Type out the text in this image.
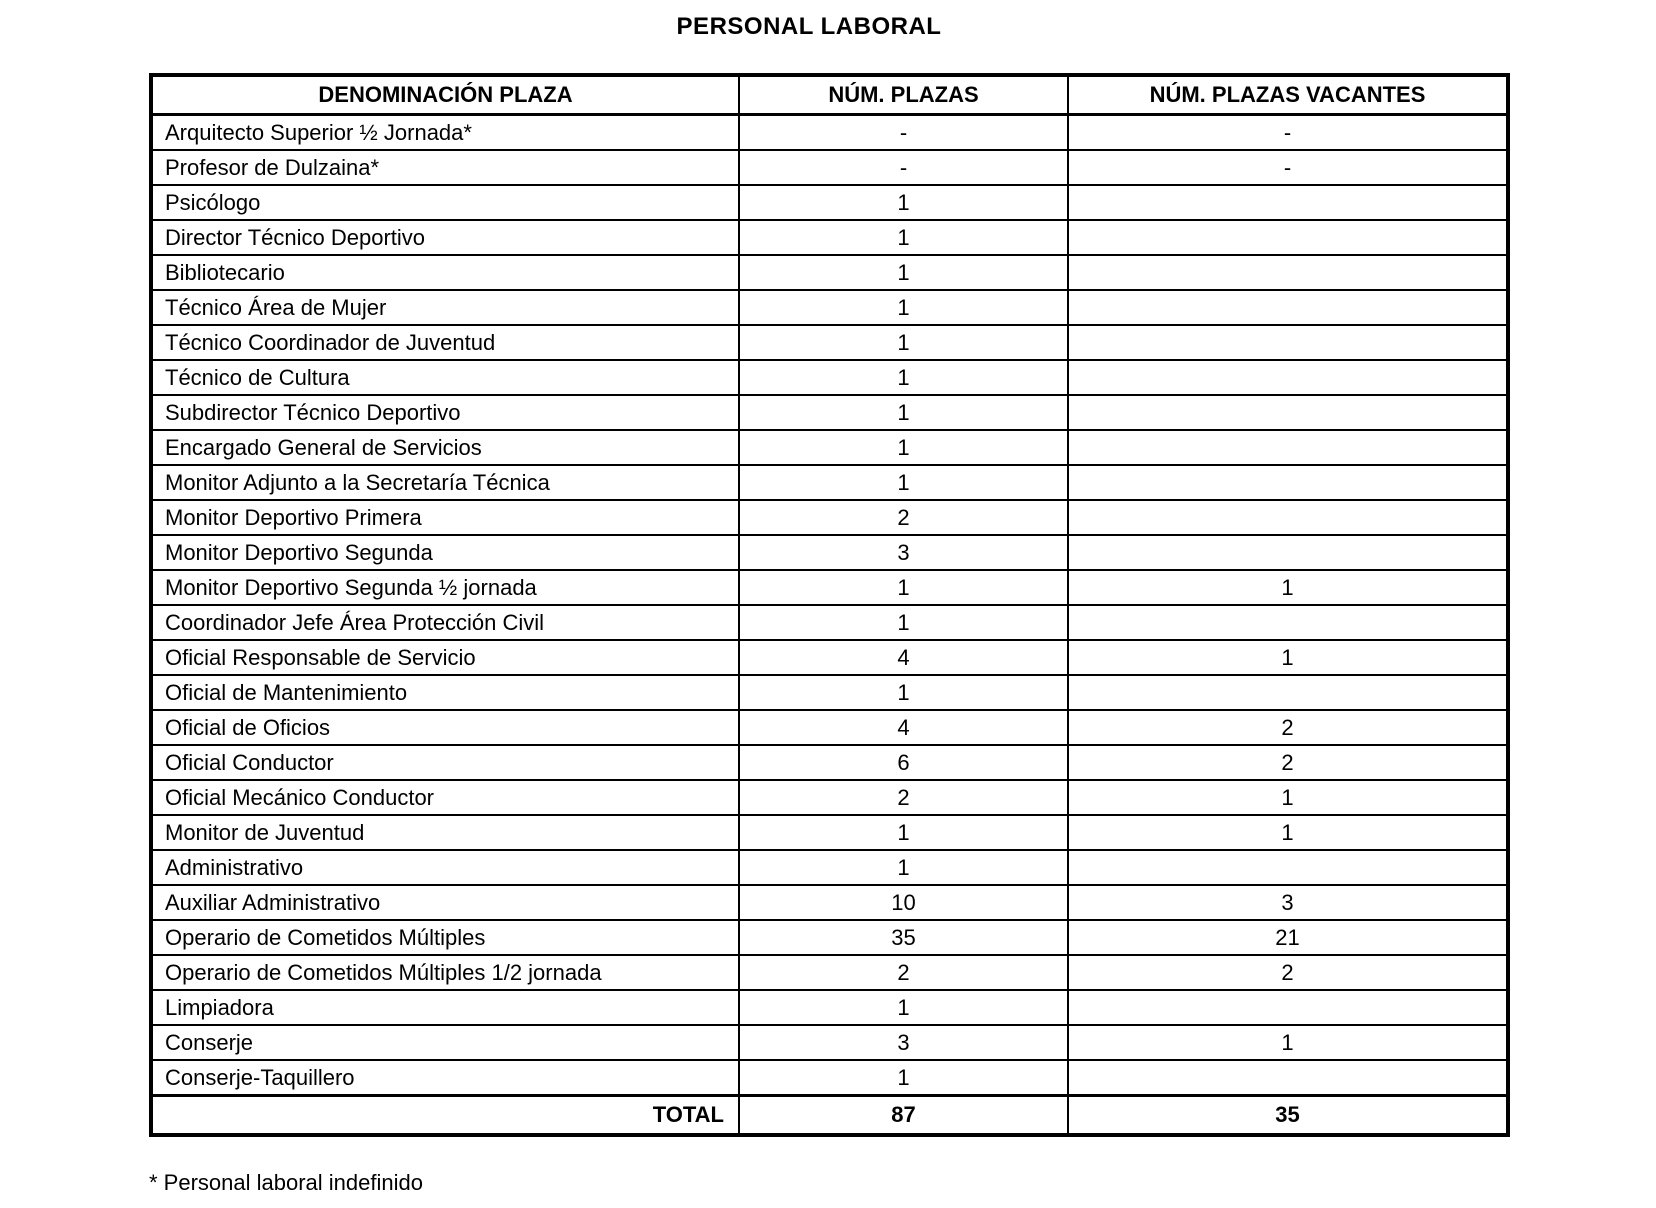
PERSONAL LABORAL
DENOMINACIÓN PLAZA	NÚM. PLAZAS	NÚM. PLAZAS VACANTES
Arquitecto Superior ½ Jornada*	-	-
Profesor de Dulzaina*	-	-
Psicólogo	1	
Director Técnico Deportivo	1	
Bibliotecario	1	
Técnico Área de Mujer	1	
Técnico Coordinador de Juventud	1	
Técnico de Cultura	1	
Subdirector Técnico Deportivo	1	
Encargado General de Servicios	1	
Monitor Adjunto a la Secretaría Técnica	1	
Monitor Deportivo Primera	2	
Monitor Deportivo Segunda	3	
Monitor Deportivo Segunda ½ jornada	1	1
Coordinador Jefe Área Protección Civil	1	
Oficial Responsable de Servicio	4	1
Oficial de Mantenimiento	1	
Oficial de Oficios	4	2
Oficial Conductor	6	2
Oficial Mecánico Conductor	2	1
Monitor de Juventud	1	1
Administrativo	1	
Auxiliar Administrativo	10	3
Operario de Cometidos Múltiples	35	21
Operario de Cometidos Múltiples 1/2 jornada	2	2
Limpiadora	1	
Conserje	3	1
Conserje-Taquillero	1	
TOTAL	87	35
* Personal laboral indefinido
